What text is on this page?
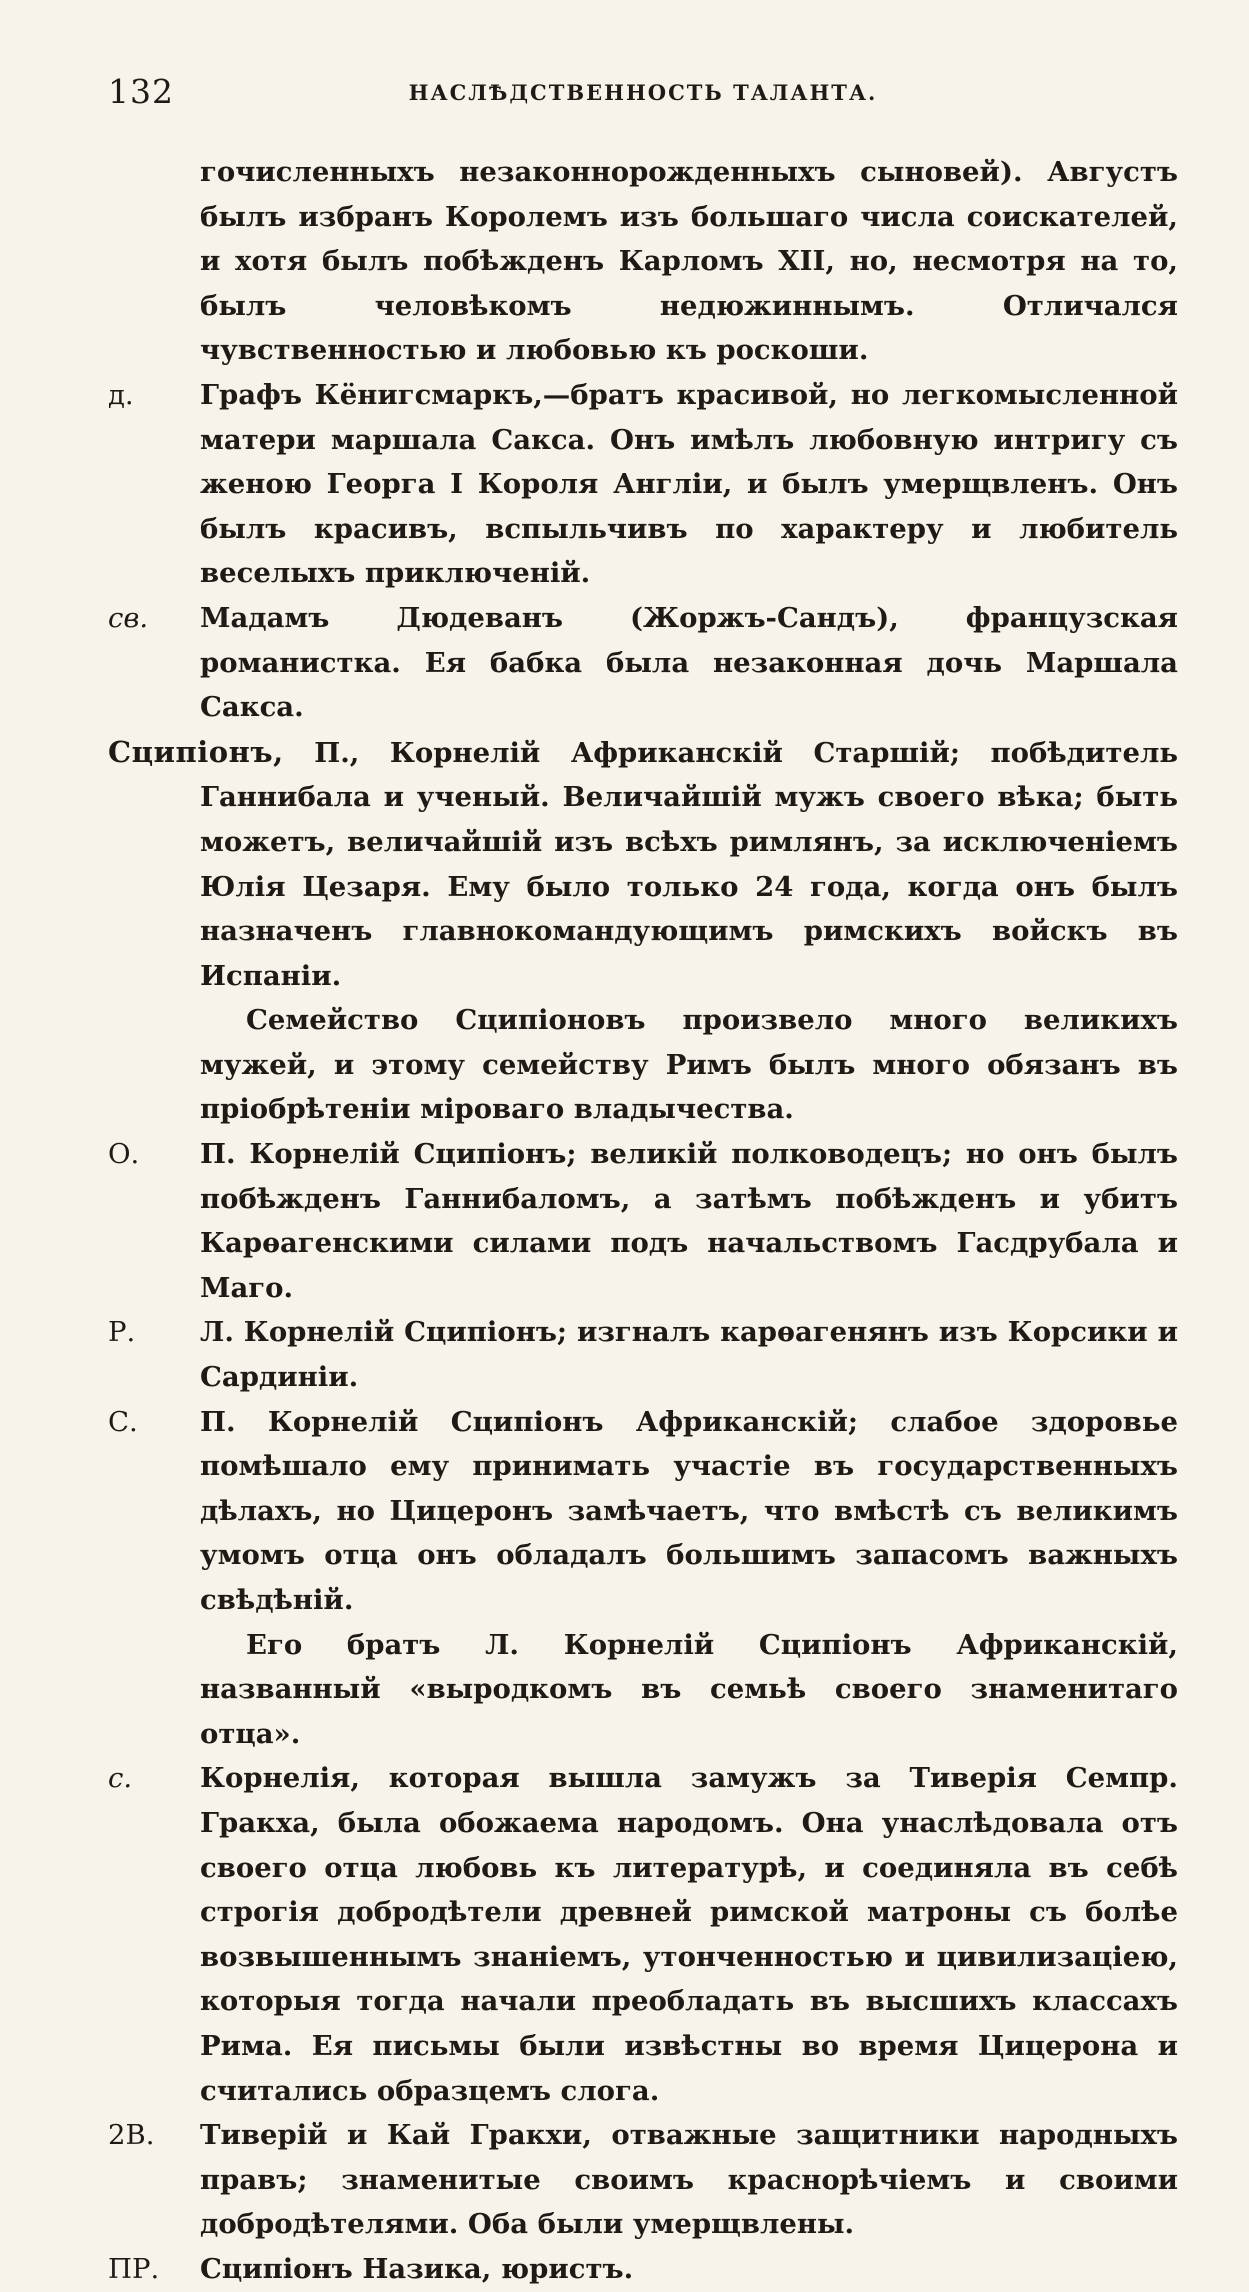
132	НАСЛѢДСТВЕННОСТЬ ТАЛАНТА.
гочисленныхъ незаконнорожденныхъ сыновей). Августъ былъ избранъ Королемъ изъ большаго числа соискателей, и хотя былъ побѣжденъ Карломъ XII, но, несмотря на то, былъ человѣкомъ недюжиннымъ. Отличался чувственностью и любовью къ роскоши.
д.	Графъ Кёнигсмаркъ,—братъ красивой, но легкомысленной матери маршала Сакса. Онъ имѣлъ любовную интригу съ женою Георга I Короля Англіи, и былъ умерщвленъ. Онъ былъ красивъ, вспыльчивъ по характеру и любитель веселыхъ приключеній.
св.	Мадамъ Дюдеванъ (Жоржъ-Сандъ), французская романистка. Ея бабка была незаконная дочь Маршала Сакса.
Сципіонъ, П., Корнелій Африканскій Старшій; побѣдитель Ганнибала и ученый. Величайшій мужъ своего вѣка; быть можетъ, величайшій изъ всѣхъ римлянъ, за исключеніемъ Юлія Цезаря. Ему было только 24 года, когда онъ былъ назначенъ главнокомандующимъ римскихъ войскъ въ Испаніи.
Семейство Сципіоновъ произвело много великихъ мужей, и этому семейству Римъ былъ много обязанъ въ пріобрѣтеніи міроваго владычества.
О.	П. Корнелій Сципіонъ; великій полководецъ; но онъ былъ побѣжденъ Ганнибаломъ, а затѣмъ побѣжденъ и убитъ Карѳагенскими силами подъ начальствомъ Гасдрубала и Маго.
Р.	Л. Корнелій Сципіонъ; изгналъ карѳагенянъ изъ Корсики и Сардиніи.
С.	П. Корнелій Сципіонъ Африканскій; слабое здоровье помѣшало ему принимать участіе въ государственныхъ дѣлахъ, но Цицеронъ замѣчаетъ, что вмѣстѣ съ великимъ умомъ отца онъ обладалъ большимъ запасомъ важныхъ свѣдѣній.
Его братъ Л. Корнелій Сципіонъ Африканскій, названный «выродкомъ въ семьѣ своего знаменитаго отца».
с.	Корнелія, которая вышла замужъ за Тиверія Семпр. Гракха, была обожаема народомъ. Она унаслѣдовала отъ своего отца любовь къ литературѣ, и соединяла въ себѣ строгія добродѣтели древней римской матроны съ болѣе возвышеннымъ знаніемъ, утонченностью и цивилизаціею, которыя тогда начали преобладать въ высшихъ классахъ Рима. Ея письмы были извѣстны во время Цицерона и считались образцемъ слога.
2В.	Тиверій и Кай Гракхи, отважные защитники народныхъ правъ; знаменитые своимъ краснорѣчіемъ и своими добродѣтелями. Оба были умерщвлены.
ПР.	Сципіонъ Назика, юристъ.
